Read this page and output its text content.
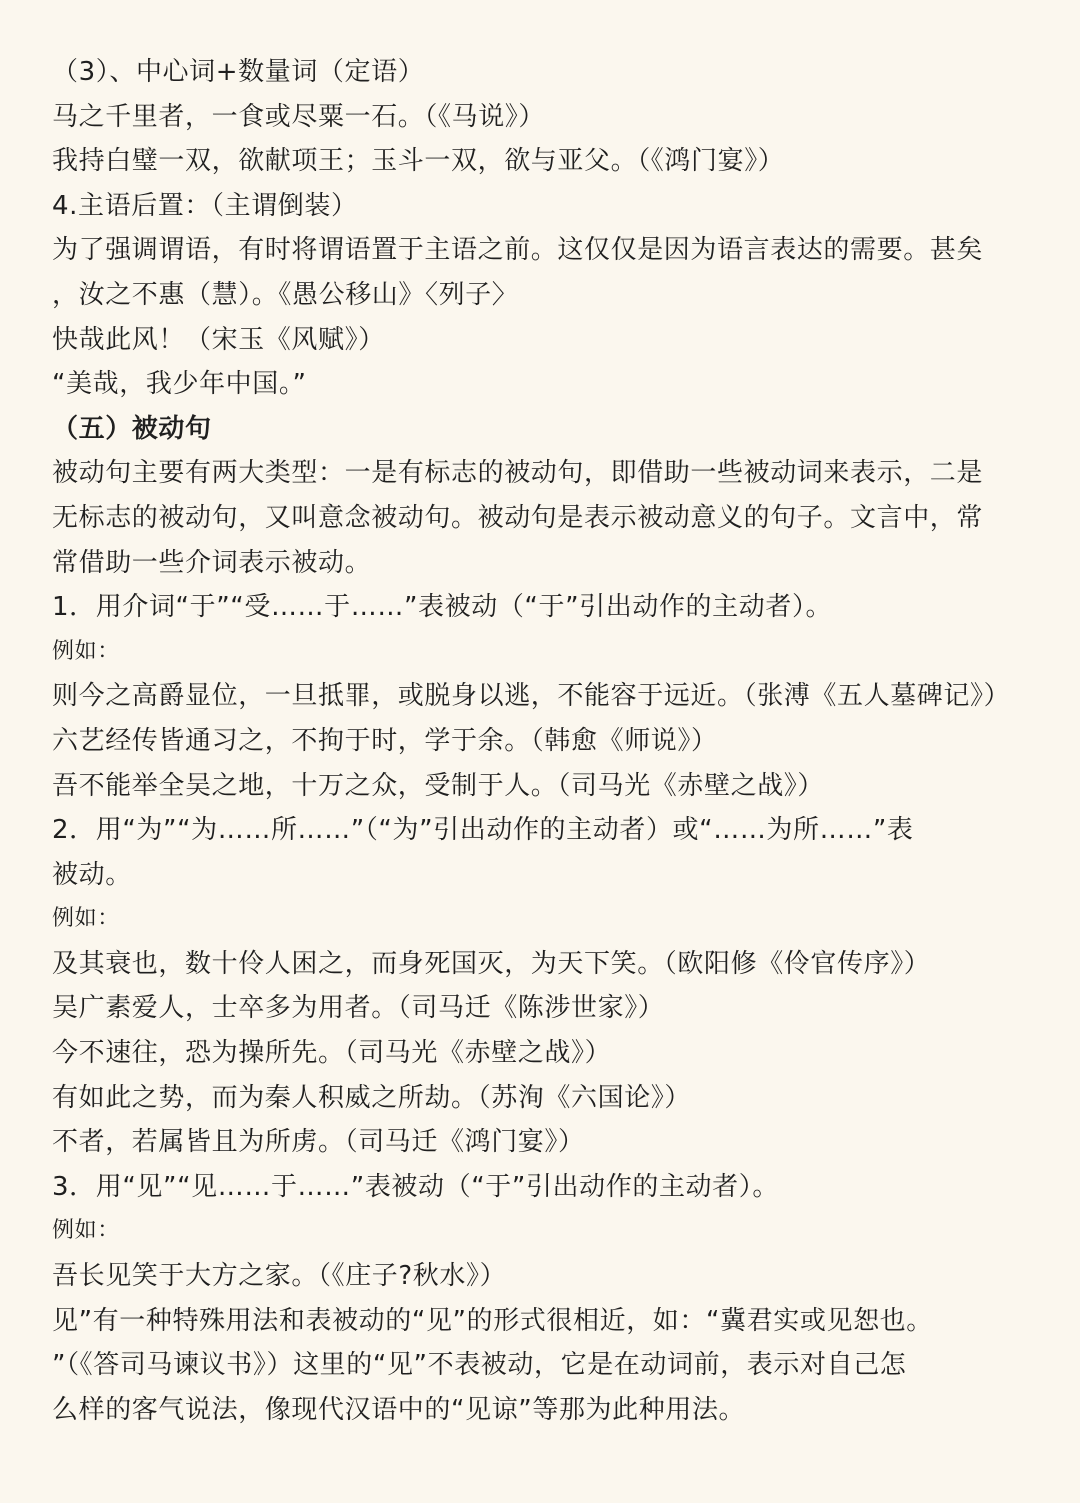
（3）、中心词+数量词（定语）
马之千里者，一食或尽粟一石。（《马说》）
我持白璧一双，欲献项王；玉斗一双，欲与亚父。（《鸿门宴》）
4.主语后置：（主谓倒装）
为了强调谓语，有时将谓语置于主语之前。这仅仅是因为语言表达的需要。甚矣
，汝之不惠（慧）。《愚公移山》〈列子〉
快哉此风！（宋玉《风赋》）
“美哉，我少年中国。”
（五）被动句
被动句主要有两大类型：一是有标志的被动句，即借助一些被动词来表示，二是
无标志的被动句，又叫意念被动句。被动句是表示被动意义的句子。文言中，常
常借助一些介词表示被动。
1．用介词“于”“受……于……”表被动（“于”引出动作的主动者）。
例如：
则今之高爵显位，一旦抵罪，或脱身以逃，不能容于远近。（张溥《五人墓碑记》）
六艺经传皆通习之，不拘于时，学于余。（韩愈《师说》）
吾不能举全吴之地，十万之众，受制于人。（司马光《赤壁之战》）
2．用“为”“为……所……”（“为”引出动作的主动者）或“……为所……”表
被动。
例如：
及其衰也，数十伶人困之，而身死国灭，为天下笑。（欧阳修《伶官传序》）
吴广素爱人，士卒多为用者。（司马迁《陈涉世家》）
今不速往，恐为操所先。（司马光《赤壁之战》）
有如此之势，而为秦人积威之所劫。（苏洵《六国论》）
不者，若属皆且为所虏。（司马迁《鸿门宴》）
3．用“见”“见……于……”表被动（“于”引出动作的主动者）。
例如：
吾长见笑于大方之家。（《庄子?秋水》）
见”有一种特殊用法和表被动的“见”的形式很相近，如：“冀君实或见恕也。
”（《答司马谏议书》）这里的“见”不表被动，它是在动词前，表示对自己怎
么样的客气说法，像现代汉语中的“见谅”等那为此种用法。
